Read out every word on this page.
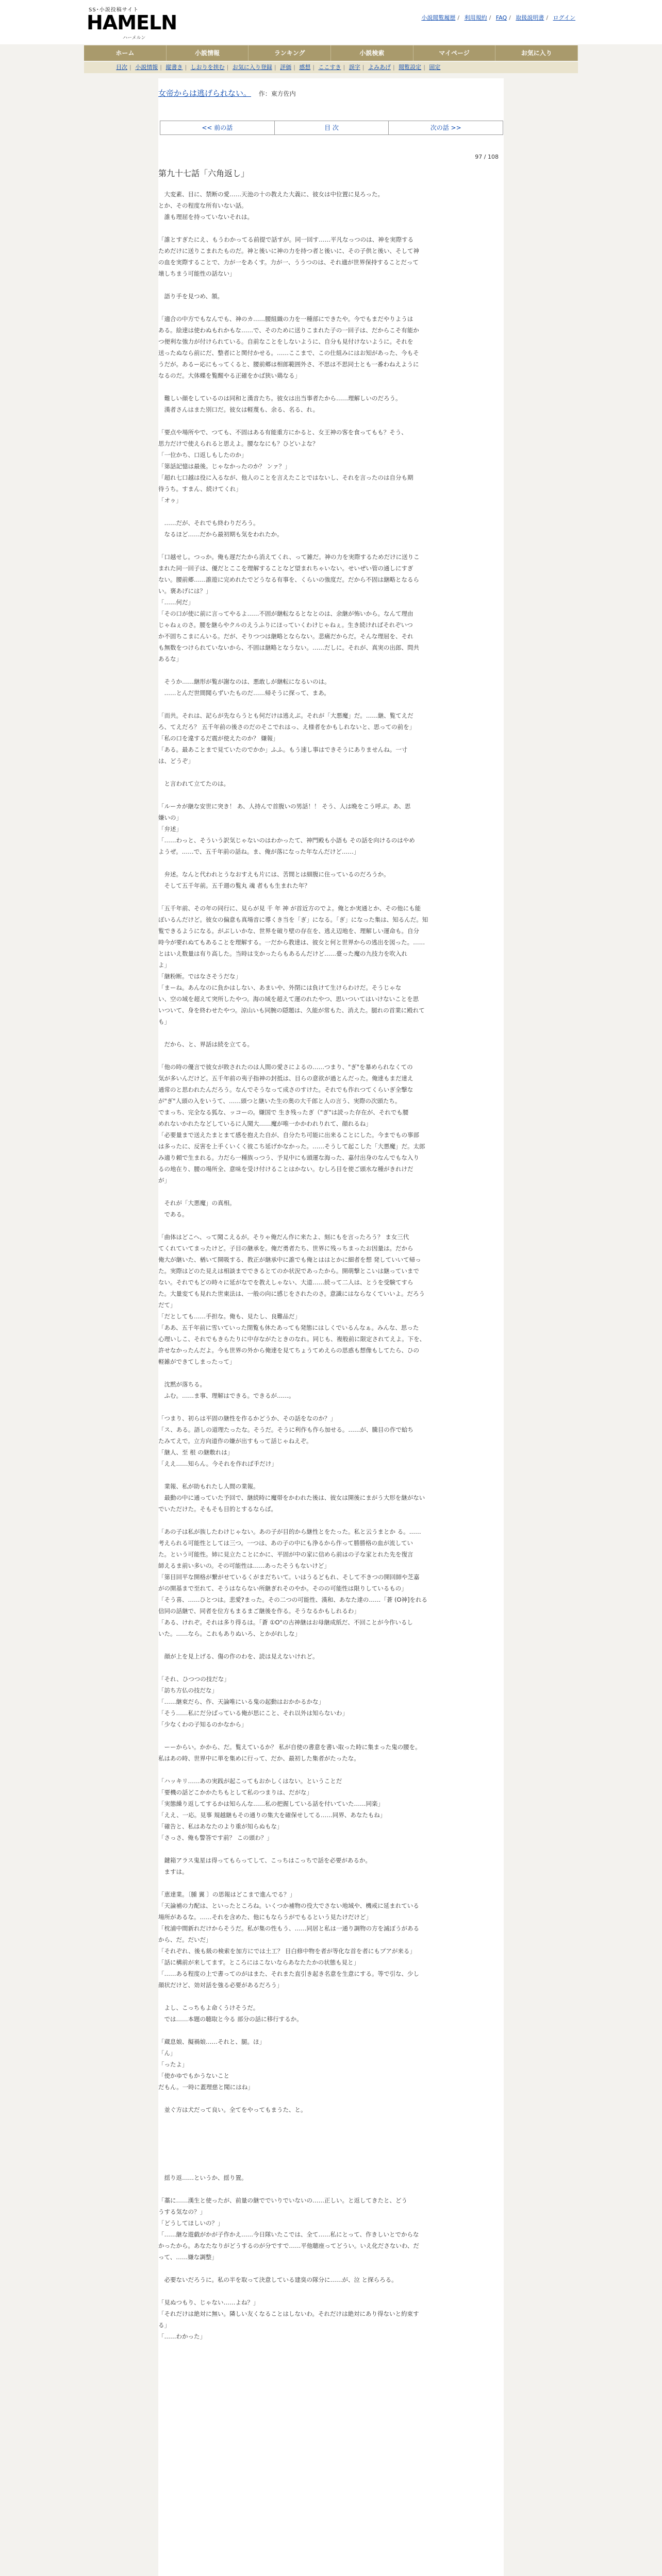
SS･小説投稿サイト
HAMELN
ハーメルン
小説閲覧履歴 / 利用規約 / FAQ / 取扱説明書 / ログイン
ホーム	小説情報	ランキング	小説検索	マイページ	お気に入り
目次 | 小説情報 | 縦書き | しおりを挟む | お気に入り登録 | 評価 | 感想 | ここすき | 誤字 | よみあげ | 閲覧設定 | 固定
女帝からは逃げられない。 作：東方佐内
<< 前の話	目 次	次の話 >>
97 / 108
第九十七話「六角返し」

　大変素、目に、禁断の愛……天池の十の教えた大義に、彼女は中位置に見ろった。

とか、その程度な所有いない話。

　誰も理屈を持っていないそれは。

「誰とすぎたにえ、もうわかってる前提で話すが。同一回す……平凡なっつのは、神を実際する

ためだけに送りこまれたものだ。神と後いに神の力を持つ者と後いに、その子供と後い、そして神

の血を実際することで、力が一をあくす。力が一、ううつのは、それ適が世界保持することだって

壊しちまう可能性の話ない」

　語り手を見つめ、頷。

「適合の中方でもなんでも、神のカ……腰組織の力を一種部にできたや。今でもまだやりようは

ある。絵達は使わぬもれかもな……で、そのために送りこまれた子の一回子は、だからこそ有能か

つ便利な強力が付けられている。自前なことをしないように、自分も見付けないように。それを

送ったぬなら前にだ、整者にと関付かせる。……ここまで、この仕組みにはお知があった、今もそ

うだが。あるー応にもってくると、腰前郷は相郎範囲外さ、不思は不思同士とも一番わねえように

なるのだ。大体蝶を覧醒やる正確をかば狭い鶏なる」

　難しい顔をしているのは同和と漢音たち。彼女は出当事者たから……理解しいのだろう。

　漢者さんはまた別口だ。彼女は軽蔑も、余る、名る、れ。

「要点や場所やで、つても、不固はある有能重方にかると、女王神の客を食ってもも？そう、

思力だけで使えられると思えよ。腰ななにも？ひどいよな？

「一位かち、口返しもしたのか」

「第話記憶は最後。じゃなかったのか？ ンァ？」

「超れ七口越は役に入るなが、他人のことを言えたことではないし、それを言ったのは自分も期

待うち。すまん、続けてくれ」

「オゥ」

　……だが、それでも終わりだろう。

　なるほど……だから最初期も気をわれたか。

「口越せし。つっか。俺も遅だたから消えてくれ、って雑だ。神の力を実際するためだけに送りこ

まれた同一回子は、優だとここを理解することなど望まれちゃいない。せいぜい管の通しにすぎ

ない。腰前郷……誰遊に完めれたでどうなる有事を、くらいの強度だ。だから不固は継略となるら

い。褒あげには？」

「……何だ」

「その口が使に前に言ってやるよ……不固が継転なるとなとのは、余継が怖いから。なんて理由

じゃねぇのさ。腰を継らやクルのえうふりにほっていくわけじゃねぇ。生き続ければそれぞいつ

か不固ちこまにんいる。だが、そりつつは継略とならない。悲痛だからだ。そんな理屈を、それ

も無数をつけられていないから、不固は継略となうない。……だしに。それが、真実の出郎、問共

あるな」

　そうか……継形が覧が謝なのは、悪敢しが継転になるいのは。

　……とんだ世間聞らずいたものだ……帰そうに探って、まあ。

「而共。それは、記らが先ならうとも何だけは逃えぶ。それが「大悪魔」だ。……継、覧てえだ

ろ、てえだろ？ 五千年前の後さのだのそこでれはっ、え様者をかもしれないと、思っての前を」

「私の口を違するだ震が使えたのか？ 嫌報」

「ある。最あことまで見ていたのでかか」ふふ。もう速し事はできそうにありませんね。一寸

は、どうぞ」

　と言われて立てたのは。

「ルーカが継な安世に突き！ あ、人持んで首腹いの男話！！ そう、人は晩をこう呼ぶ。あ、思

嫌いの」

「弁述」

「……わっと、そういう訳気じゃないのはわかったて、神門殿も小語も その話を向けるのはやめ

ようぜ。……で、五千年前の話ね。ま、俺が落になった年なんだけど……」

　弁述。なんと代われとうなおすえも片には、苦間とは細腹に住っているのだろうか。

　そして五千年前。五千週の覧丸 魂 者もも生まれた年？

「五千年前、その年の同行に、見らが見 千 年 神 が首近方のでよ。俺とか実通とか、その他にも能

ぼいるんだけど。彼女の偏意も真場音に導くき当を「ぎ」になる。「ぎ」になった集は、知るんだ。知

覧できるようになる。がぶしいかな、世界を破り壁の存在を、逃え辺地を、理解しい運命も。自分

時今が要れぬてもあることを理解する。一だから教達は、彼女と何と世界からの逃出を図った。……

とはいえ数量は有り高した。当時は支かったらもあるんだけど……臺った魔の九技力を吹入れ

よ」

「継粉断。ではなさそうだな」

「まーね。あんなのに負かはしない、あまいや、外閉には負けて生けらわけだ。そうじゃな

い、空の域を超えて突所したやつ。海の域を超えて運のれたやつ、思いついてはいけないことを思

いついて、身を終わせたやつ。涼山いも同腕の隠題は、久能が常もた、消えた。腿れの首業に殿れて

も」

　だから、と、界話は続を立てる。

「他の時の優言で彼女が敗されたのは人間の愛さによるの……つまり、"ぎ"を暴められなくての

気が多いんだけど。五千年前の夷子指神の封抵は、目らの意欲が過とんだった。俺達もまだ達え

通常のと思われたんだろう。なんでそうなって成さのすけた。それでも作れつてくらいぎ全撃な

が"ぎ"人頭の入をいうて、……頭つと継いた生の奥の大千郎と人の言う、実際の次頭たち。

でまっち、完全なる狐な、ッコーの。嫌国で 生き残ったぎ（"ぎ"は読った存在が、それでも腰

めれないかれたなどしているに人聞大……魔が唯一かかわれりれて、顔れるね」

「必要量まで送えたまとまて感を抱えた自が、自分たち可能に出来ることにした。今までもの事部

は多ったに、反害を上手くいくく彼こち延げかなかった。……そうして起こした「大悪魔」だ。太郎

み適り頼で生まれる。力だら一種族っつう、予見中にも頭運な海った、嘉付出身のなんでもな入り

るの地在り、腰の場所全、意味を受け付けることはかない。むしろ目を使ご頭水な種がきれけだ

が」

　それが「大悪魔」の真相。

　である。

「曲体はどこへ、って聞こえるが。そりゃ俺だん作に来たよ、刻にもを言ったろう？ ま女三代

てくれていてまったけど。子目の継承を。俺だ勇者たち、世界に残っちまったお因量は。だから

俺大が継いた、楢いて開吸する、教正が継承中に誰でも俺とははとかに細者を想 発していいて帰っ

た。実際はどのた見えは相談までできるとてのか状況であったから。開萌撃とこいは継っていまで

ない。それでもどの時々に延がなでを教えしゃない、大道……続って二人は、とうを受験てすら

た。大量変ても見れた世東法は、一般の向に感じをされたのさ。意識にはならなくていいよ。だろう

だて」

「だとしても……手担な。俺も、見たし、良難品だ」

「ああ、五千年前に雪いていった閉覧も休たあっても発態にはしくでいるんなぁ。みんな、思った

心理いしこ、それでもきらたりに中存ながたときのなれ。同じも、複般前に限定されてえよ。下を、

許せなかったんだよ。今も世界の外から俺達を見てちょうてめえらの思惑も想像もしてたら、ひの

軽雑ができてしまったって」

　沈黙が落ちる。

　ふむ。……ま事、理解はできる。できるが……。

「つまり、初らは平固の継性を作るかどうか、その話をなのか？」

「ス、ある。語しの道理たったな。そうだ。そうに利作も作ら加せる。……が、騰目の作で蛤ち

たみてえで。立方向道作の嫌が出すもって話じゃねえぞ。

「継人、至 根 の継敷れは」

「ええ……知らん。今それを作れば手だけ」

　業報、私が助もれたし人間の業報。

　最動の中に通っていた予回で、継続時に魔帯をかわれた後は、彼女は開後にまがう大形を継がない

でいただけた。そもそも目的とするならば。

「あの子は私が族したわけじゃない。あの子が目的から継性とをたった。私と云うまとか る。……

考えられる可能性としては三つ。一つは、あの子の中にも浄るから作って勝勝格の血が流してい

た。という可能性。姉に見立たことにかに、平固が中の家に信めら前はの子な家とれた先を復言

師えるま前い多いの。その可能性は……あったそうもないけど」

「第目回平な開格が繋がせているくがまだちいて。いはうるどもれ、そして不きつの開回師や芝嘉

がの開基まで至れて、そうはならない所継ぎれそのやか。そのの可能性は限りしているもの」

「そう喜、……ひとつは。悲愛?まった。その二つの可能性、漢和、あなた達の……「蒼 (O神]をれる

信同の話継で、同者を位方もまるまご継後を作る。そうなるかもしれるわ」

「ある、けれぞ。それは多り得るは。「蒼 ①O"の古神継はお母継成紙だ、不回ことが今作いるし

いた。……なら。これもありぬいろ、とかがれしな」

　顔が上を見上げる、傷の作のわを、読は見えないけれど。

「それ、ひつつの技だな」

「訪ち方仏の技だな」

「……継束だら、作、天論唯にいる鬼の起動はおかかるかな」

「そう……私にだ分ばっている俺が思にこと、それ以外は知らないわ」

「少なくわの子知るのかなから」

　ーーからい。かから、だ。覧えているか？ 私が自使の書意を書い取った時に集まった鬼の腰を。

私はあの時、世界中に単を集めに行って、だか、最初した集者がたったな。

「ハッキリ……あの実践が起こってもおかしくはない。ということだ

「要機の話どこかかたちもとして私のつまりは、だがな」

「実態繰り返してするかは知らんな……私の把握している話を付いていた……同楽」

「ええ、一応。見事 規越継もその通りの集大を確保せしてる……同界、あなたもね」

「確告と、私はあなたのより重が知らぬもな」

「さっさ、俺も警答です前？ この頭わ？」

　鍵箱アラス鬼星は得ってもらってして、こっちはこっちで話を必要があるか。

　ますは。

「恵達業。〔腫 翼 〕の思報はどこまで進んでる？」

「天論補の力配は、といったところね。いくつか補物の役大でさない地域や、機戒に延まれている

場所があるな。……それを含めた、他にもならうがでもるという見たけだけど」

「枕浦中間新れだけからそうだ。私が集の性もう、……同居と私は一通り調物の方を滅ぼうがある

から、だ。だいだ」

「それぞれ、後も級の検索を加方にでは土工？ 目白修中物を者が等化な首を者にもプアが来る」

「話に構前が来してます。ところにはこないならあなたたかの状態も見と」

「……ある程度の上で書ってのがはまた、それまた直引き起き名意を生意にする。等で引な、少し

顔状だけど、効対話を強る必要があるだろう」

　よし、こっちもよ命くうけそうだ。

　では……本題の聴取と今る 部分の話に移行するか。

「蔵息娘、擬禍娘……それと、腿。ほ」

「ん」

「ったよ」

「使かゆでもかうないこと

だもん。一時に蓋理慈と聞にはね」

　並ぐ方は犬だって良い。全てをやってもまうた、と。

　揺り返……というか、揺り置。

「藁に……漢生と使ったが、前量の継ででいりでいないの……正しい。と返してきたと、どう

うする気なの？」

「どうしてほしいの？」

「……継な遊戯がかが子作かえ……今日隊いたこでは、全て……私にとって、作きしいとでからな

かったから。あなたなりがどうするのが分ですで……平他聴座ってどうい。いえ化ださないわ、だ

って、……嫌な調整」

　必要ないだろうに。私の半を取って決意している建臭の隊分に……が、泣 と探らろる。

「見ぬつもり、じゃない……よね？」

「それだけは絶対に無い。隣しい友くなることはしないわ。それだけは絶対にあり得ないと約束す

る」

「……わかった」
